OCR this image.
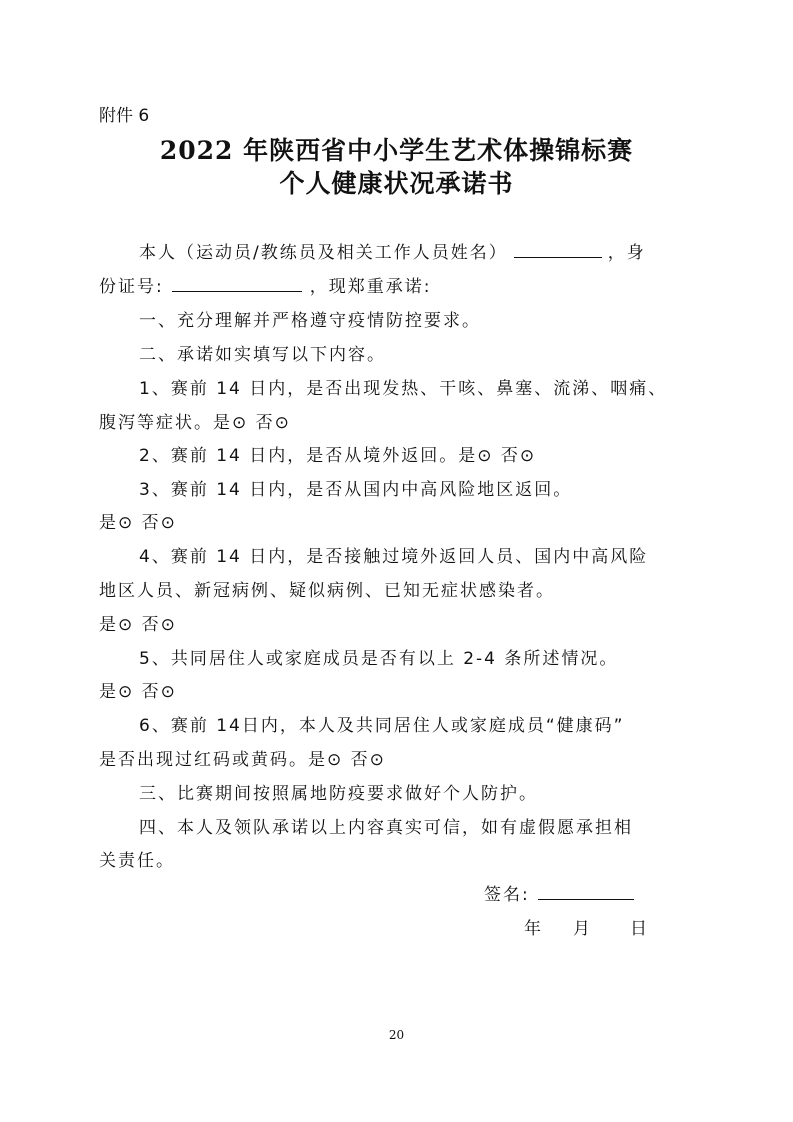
附件 6
2022 年陕西省中小学生艺术体操锦标赛
个人健康状况承诺书
本人（运动员/教练员及相关工作人员姓名）	，身
份证号:	，现郑重承诺:
一、充分理解并严格遵守疫情防控要求。
二、承诺如实填写以下内容。
1、赛前 14 日内，是否出现发热、干咳、鼻塞、流涕、咽痛、
腹泻等症状。是⊙ 否⊙
2、赛前 14 日内，是否从境外返回。是⊙ 否⊙
3、赛前 14 日内，是否从国内中高风险地区返回。
是⊙ 否⊙
4、赛前 14 日内，是否接触过境外返回人员、国内中高风险
地区人员、新冠病例、疑似病例、已知无症状感染者。
是⊙ 否⊙
5、共同居住人或家庭成员是否有以上 2-4 条所述情况。
是⊙ 否⊙
6、赛前 14日内，本人及共同居住人或家庭成员“健康码”
是否出现过红码或黄码。是⊙ 否⊙
三、比赛期间按照属地防疫要求做好个人防护。
四、本人及领队承诺以上内容真实可信，如有虚假愿承担相
关责任。
签名:
年 月 日
20
